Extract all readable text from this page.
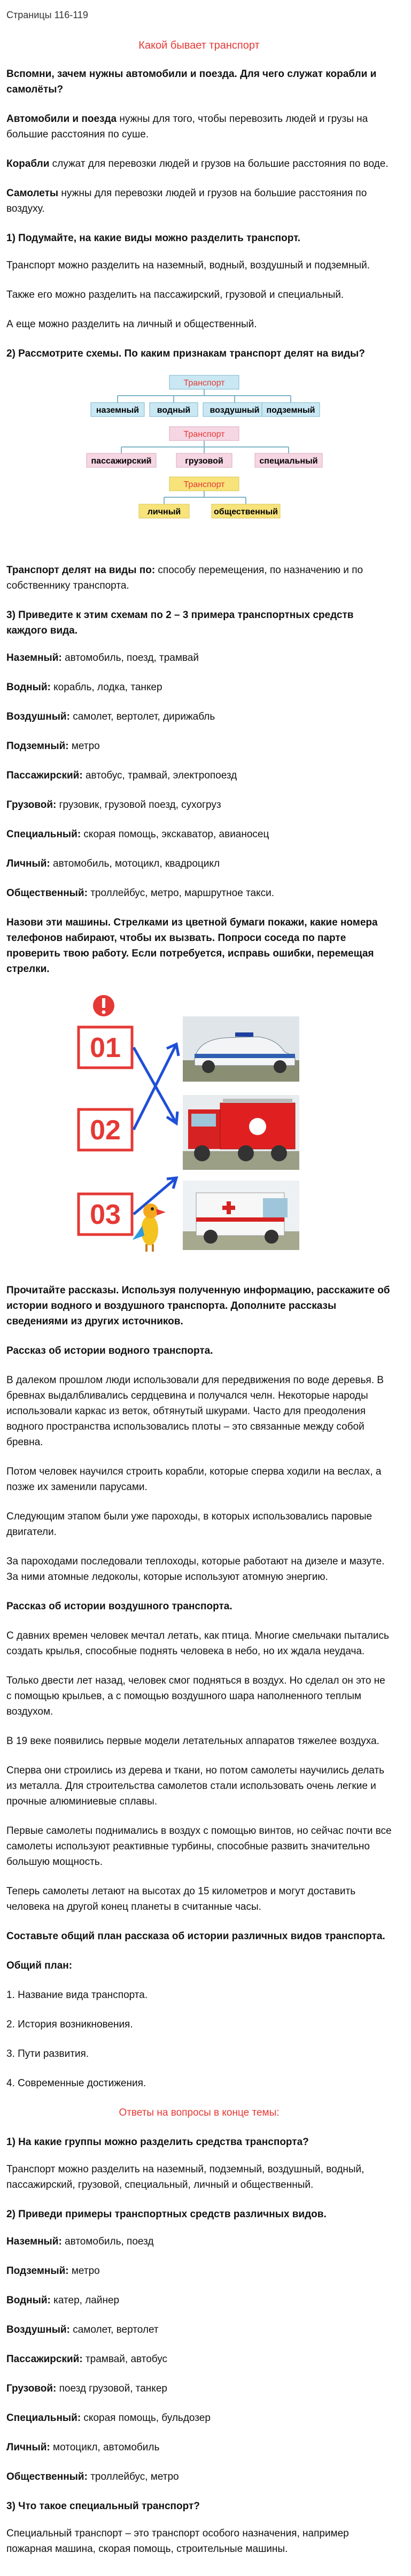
Страницы 116-119
Какой бывает транспорт

Вспомни, зачем нужны автомобили и поезда. Для чего служат корабли и самолёты?

Автомобили и поезда нужны для того, чтобы перевозить людей и грузы на большие расстояния по суше.

Корабли служат для перевозки людей и грузов на большие расстояния по воде.

Самолеты нужны для перевозки людей и грузов на большие расстояния по воздуху.

1) Подумайте, на какие виды можно разделить транспорт.

Транспорт можно разделить на наземный, водный, воздушный и подземный.

Также его можно разделить на пассажирский, грузовой и специальный.

А еще можно разделить на личный и общественный.

2) Рассмотрите схемы. По каким признакам транспорт делят на виды?

Транспорт
наземный водный воздушный подземный
Транспорт
пассажирский	грузовой	специальный
Транспорт
личный	общественный

Транспорт делят на виды по: способу перемещения, по назначению и по собственнику транспорта.

3) Приведите к этим схемам по 2 – 3 примера транспортных средств каждого вида.

Наземный: автомобиль, поезд, трамвай

Водный: корабль, лодка, танкер

Воздушный: самолет, вертолет, дирижабль

Подземный: метро

Пассажирский: автобус, трамвай, электропоезд

Грузовой: грузовик, грузовой поезд, сухогруз

Специальный: скорая помощь, экскаватор, авианосец

Личный: автомобиль, мотоцикл, квадроцикл

Общественный: троллейбус, метро, маршрутное такси.

Назови эти машины. Стрелками из цветной бумаги покажи, какие номера телефонов набирают, чтобы их вызвать. Попроси соседа по парте проверить твою работу. Если потребуется, исправь ошибки, перемещая стрелки.

01
02
03

Прочитайте рассказы. Используя полученную информацию, расскажите об истории водного и воздушного транспорта. Дополните рассказы сведениями из других источников.

Рассказ об истории водного транспорта.

В далеком прошлом люди использовали для передвижения по воде деревья. В бревнах выдалбливались сердцевина и получался челн. Некоторые народы использовали каркас из веток, обтянутый шкурами. Часто для преодоления водного пространства использовались плоты – это связанные между собой бревна.

Потом человек научился строить корабли, которые сперва ходили на веслах, а позже их заменили парусами.

Следующим этапом были уже пароходы, в которых использовались паровые двигатели.

За пароходами последовали теплоходы, которые работают на дизеле и мазуте. За ними атомные ледоколы, которые используют атомную энергию.

Рассказ об истории воздушного транспорта.

С давних времен человек мечтал летать, как птица. Многие смельчаки пытались создать крылья, способные поднять человека в небо, но их ждала неудача.

Только двести лет назад, человек смог подняться в воздух. Но сделал он это не с помощью крыльев, а с помощью воздушного шара наполненного теплым воздухом.

В 19 веке появились первые модели летательных аппаратов тяжелее воздуха.

Сперва они строились из дерева и ткани, но потом самолеты научились делать из металла. Для строительства самолетов стали использовать очень легкие и прочные алюминиевые сплавы.

Первые самолеты поднимались в воздух с помощью винтов, но сейчас почти все самолеты используют реактивные турбины, способные развить значительно большую мощность.

Теперь самолеты летают на высотах до 15 километров и могут доставить человека на другой конец планеты в считанные часы.

Составьте общий план рассказа об истории различных видов транспорта.

Общий план:

1. Название вида транспорта.

2. История возникновения.

3. Пути развития.

4. Современные достижения.

Ответы на вопросы в конце темы:

1) На какие группы можно разделить средства транспорта?

Транспорт можно разделить на наземный, подземный, воздушный, водный, пассажирский, грузовой, специальный, личный и общественный.

2) Приведи примеры транспортных средств различных видов.

Наземный: автомобиль, поезд

Подземный: метро

Водный: катер, лайнер

Воздушный: самолет, вертолет

Пассажирский: трамвай, автобус

Грузовой: поезд грузовой, танкер

Специальный: скорая помощь, бульдозер

Личный: мотоцикл, автомобиль

Общественный: троллейбус, метро

3) Что такое специальный транспорт?

Специальный транспорт – это транспорт особого назначения, например пожарная машина, скорая помощь, строительные машины.
